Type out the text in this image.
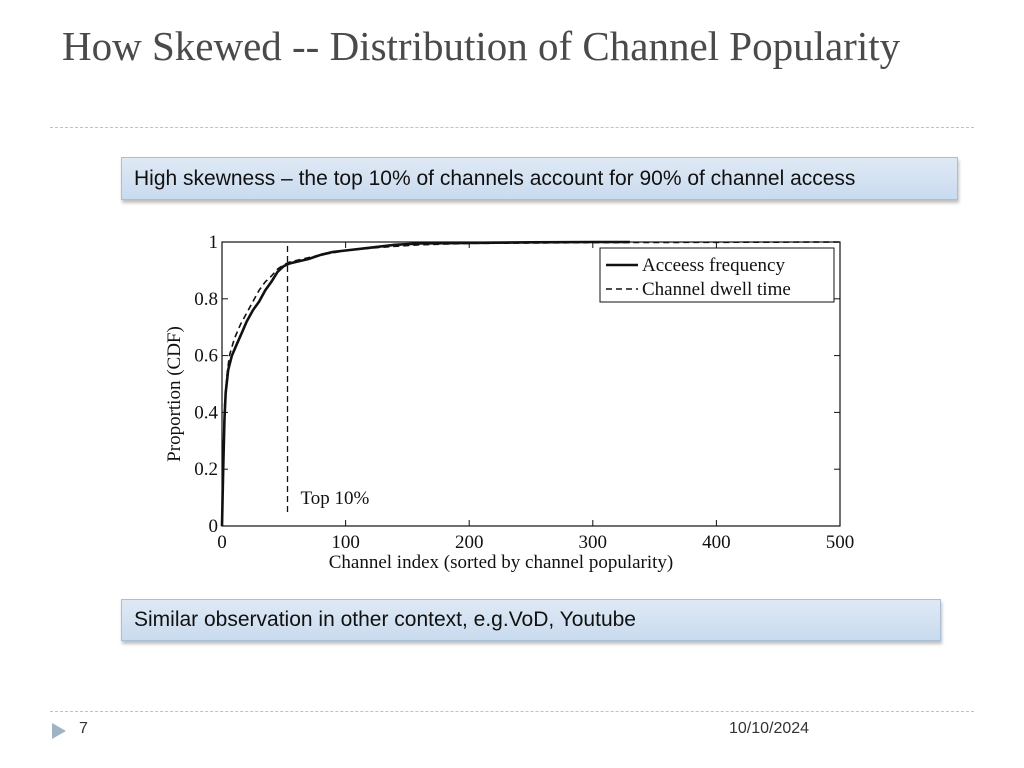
How Skewed -- Distribution of Channel Popularity
High skewness – the top 10% of channels account for 90% of channel access
0	100	200	300	400	500
0
0.2
0.4
0.6
0.8
1
Channel index (sorted by channel popularity)
Proportion (CDF)
Top 10%
Acceess frequency
Channel dwell time
Similar observation in other context, e.g.VoD, Youtube
7	10/10/2024
